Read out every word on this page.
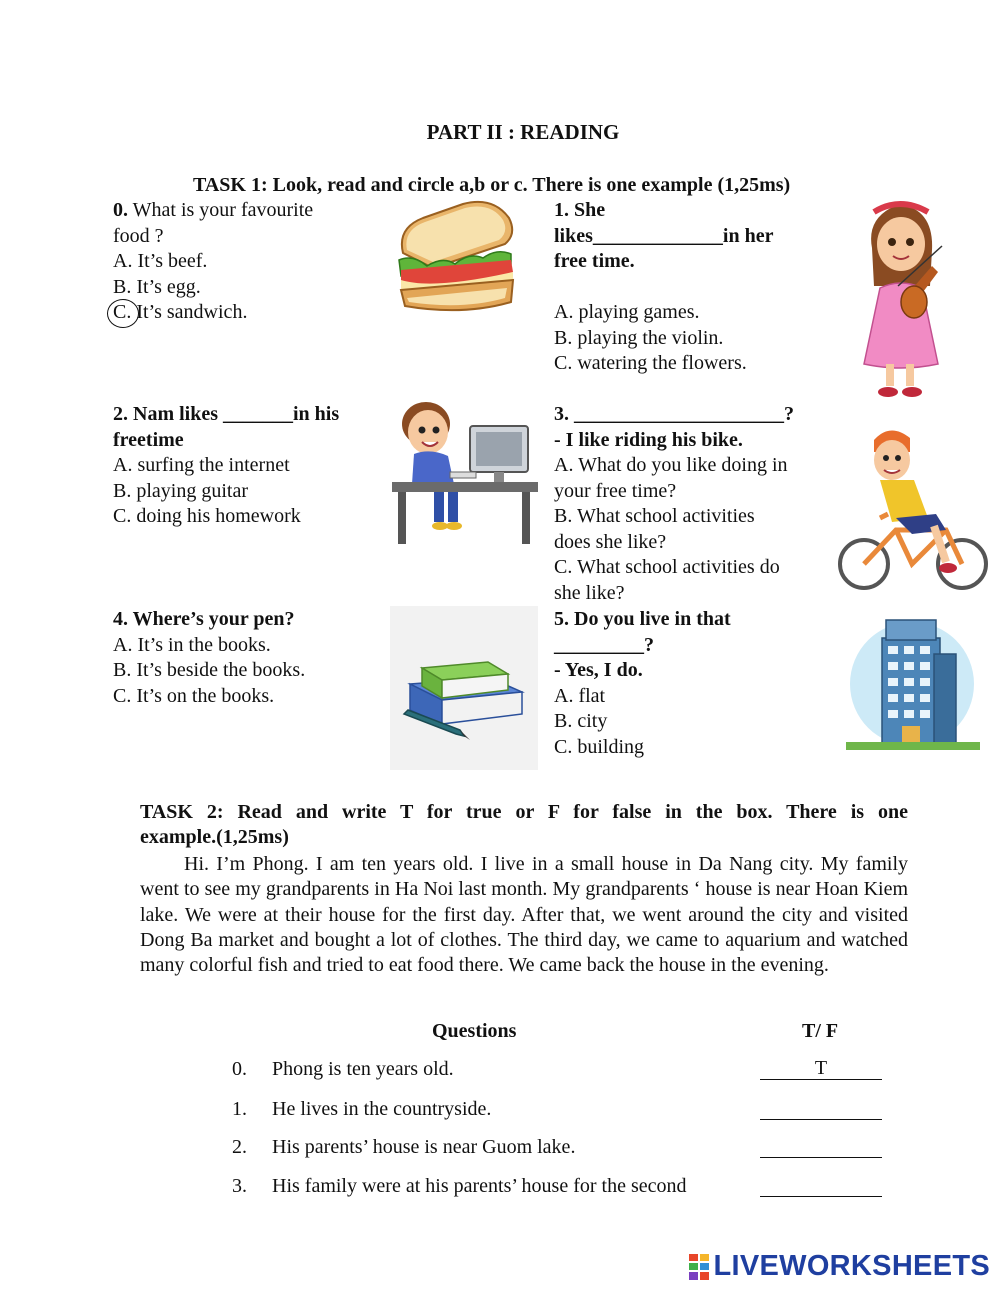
PART II : READING
TASK 1: Look, read and circle a,b or c. There is one example (1,25ms)
0. What is your favourite
food ?
A. It’s beef.
B. It’s egg.
C. It’s sandwich.
1. She
likes_____________in her
free time.
A. playing games.
B. playing the violin.
C. watering the flowers.
2. Nam likes _______in his
freetime
A. surfing the internet
B. playing guitar
C. doing his homework
3. _____________________?
- I like riding his bike.
A. What do you like doing in
your free time?
B. What school activities
does she like?
C. What school activities do
she like?
4. Where’s your pen?
A. It’s in the books.
B. It’s beside the books.
C. It’s on the books.
5. Do you live in that
_________?
- Yes, I do.
A. flat
B. city
C. building
TASK 2: Read and write T for true or F for false in the box. There is one
example.(1,25ms)

Hi. I’m Phong. I am ten years old. I live in a small house in Da Nang city. My family went to see my grandparents in Ha Noi last month. My grandparents ‘ house is near Hoan Kiem lake. We were at their house for the first day. After that, we went around the city and visited Dong Ba market and bought a lot of clothes. The third day, we came to aquarium and watched many colorful fish and tried to eat food there. We came back the house in the evening.

Questions	T/ F
0. Phong is ten years old.	T
1. He lives in the countryside.
2. His parents’ house is near Guom lake.
3. His family were at his parents’ house for the second
LIVEWORKSHEETS
